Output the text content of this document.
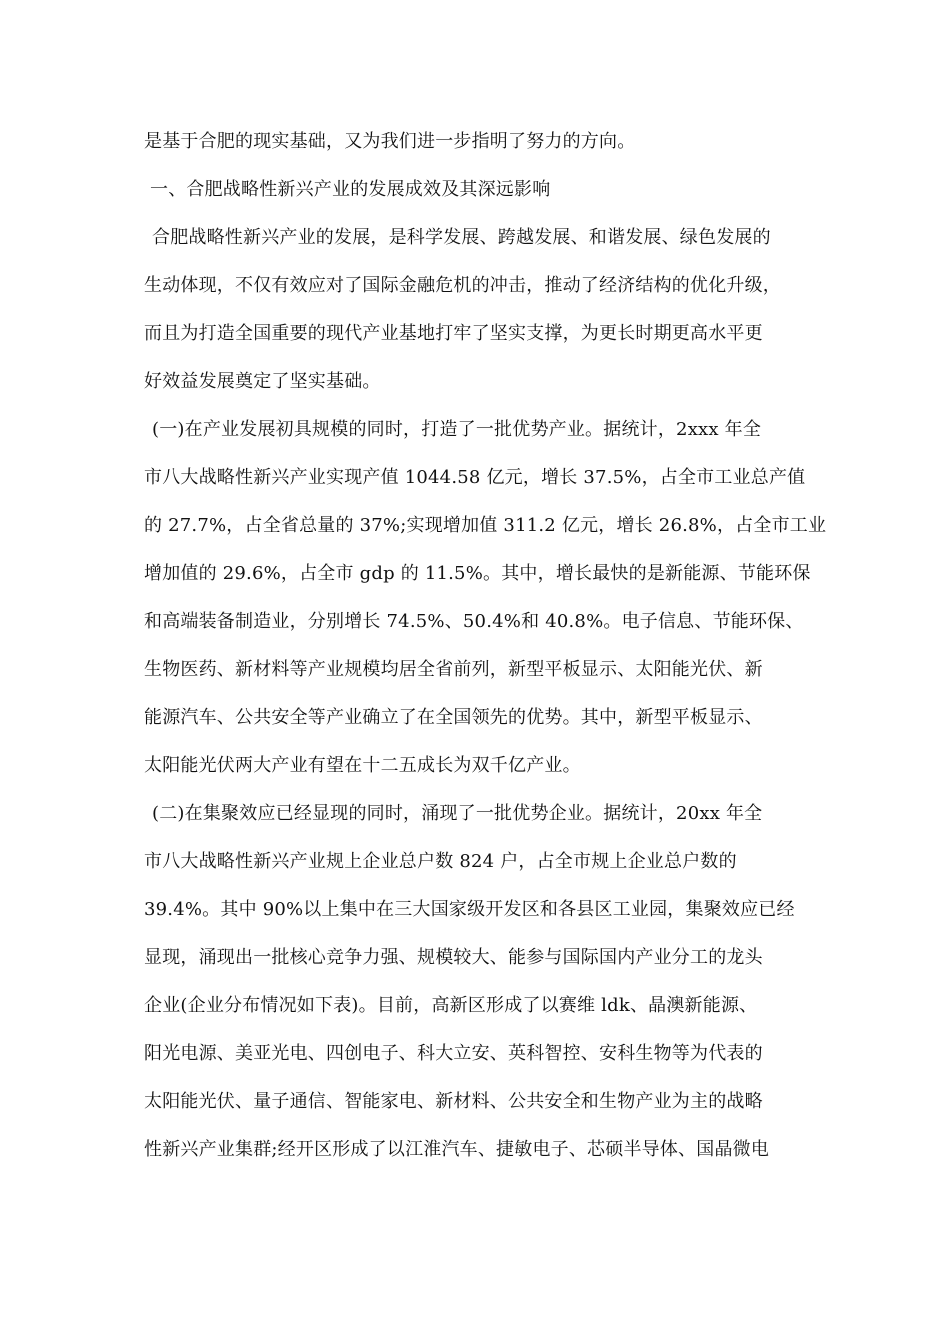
是基于合肥的现实基础，又为我们进一步指明了努力的方向。
一、合肥战略性新兴产业的发展成效及其深远影响
合肥战略性新兴产业的发展，是科学发展、跨越发展、和谐发展、绿色发展的
生动体现，不仅有效应对了国际金融危机的冲击，推动了经济结构的优化升级，
而且为打造全国重要的现代产业基地打牢了坚实支撑，为更长时期更高水平更
好效益发展奠定了坚实基础。
(一)在产业发展初具规模的同时，打造了一批优势产业。据统计，2xxx 年全
市八大战略性新兴产业实现产值 1044.58 亿元，增长 37.5%，占全市工业总产值
的 27.7%，占全省总量的 37%;实现增加值 311.2 亿元，增长 26.8%，占全市工业
增加值的 29.6%，占全市 gdp 的 11.5%。其中，增长最快的是新能源、节能环保
和高端装备制造业，分别增长 74.5%、50.4%和 40.8%。电子信息、节能环保、
生物医药、新材料等产业规模均居全省前列，新型平板显示、太阳能光伏、新
能源汽车、公共安全等产业确立了在全国领先的优势。其中，新型平板显示、
太阳能光伏两大产业有望在十二五成长为双千亿产业。
(二)在集聚效应已经显现的同时，涌现了一批优势企业。据统计，20xx 年全
市八大战略性新兴产业规上企业总户数 824 户，占全市规上企业总户数的
39.4%。其中 90%以上集中在三大国家级开发区和各县区工业园，集聚效应已经
显现，涌现出一批核心竞争力强、规模较大、能参与国际国内产业分工的龙头
企业(企业分布情况如下表)。目前，高新区形成了以赛维 ldk、晶澳新能源、
阳光电源、美亚光电、四创电子、科大立安、英科智控、安科生物等为代表的
太阳能光伏、量子通信、智能家电、新材料、公共安全和生物产业为主的战略
性新兴产业集群;经开区形成了以江淮汽车、捷敏电子、芯硕半导体、国晶微电
